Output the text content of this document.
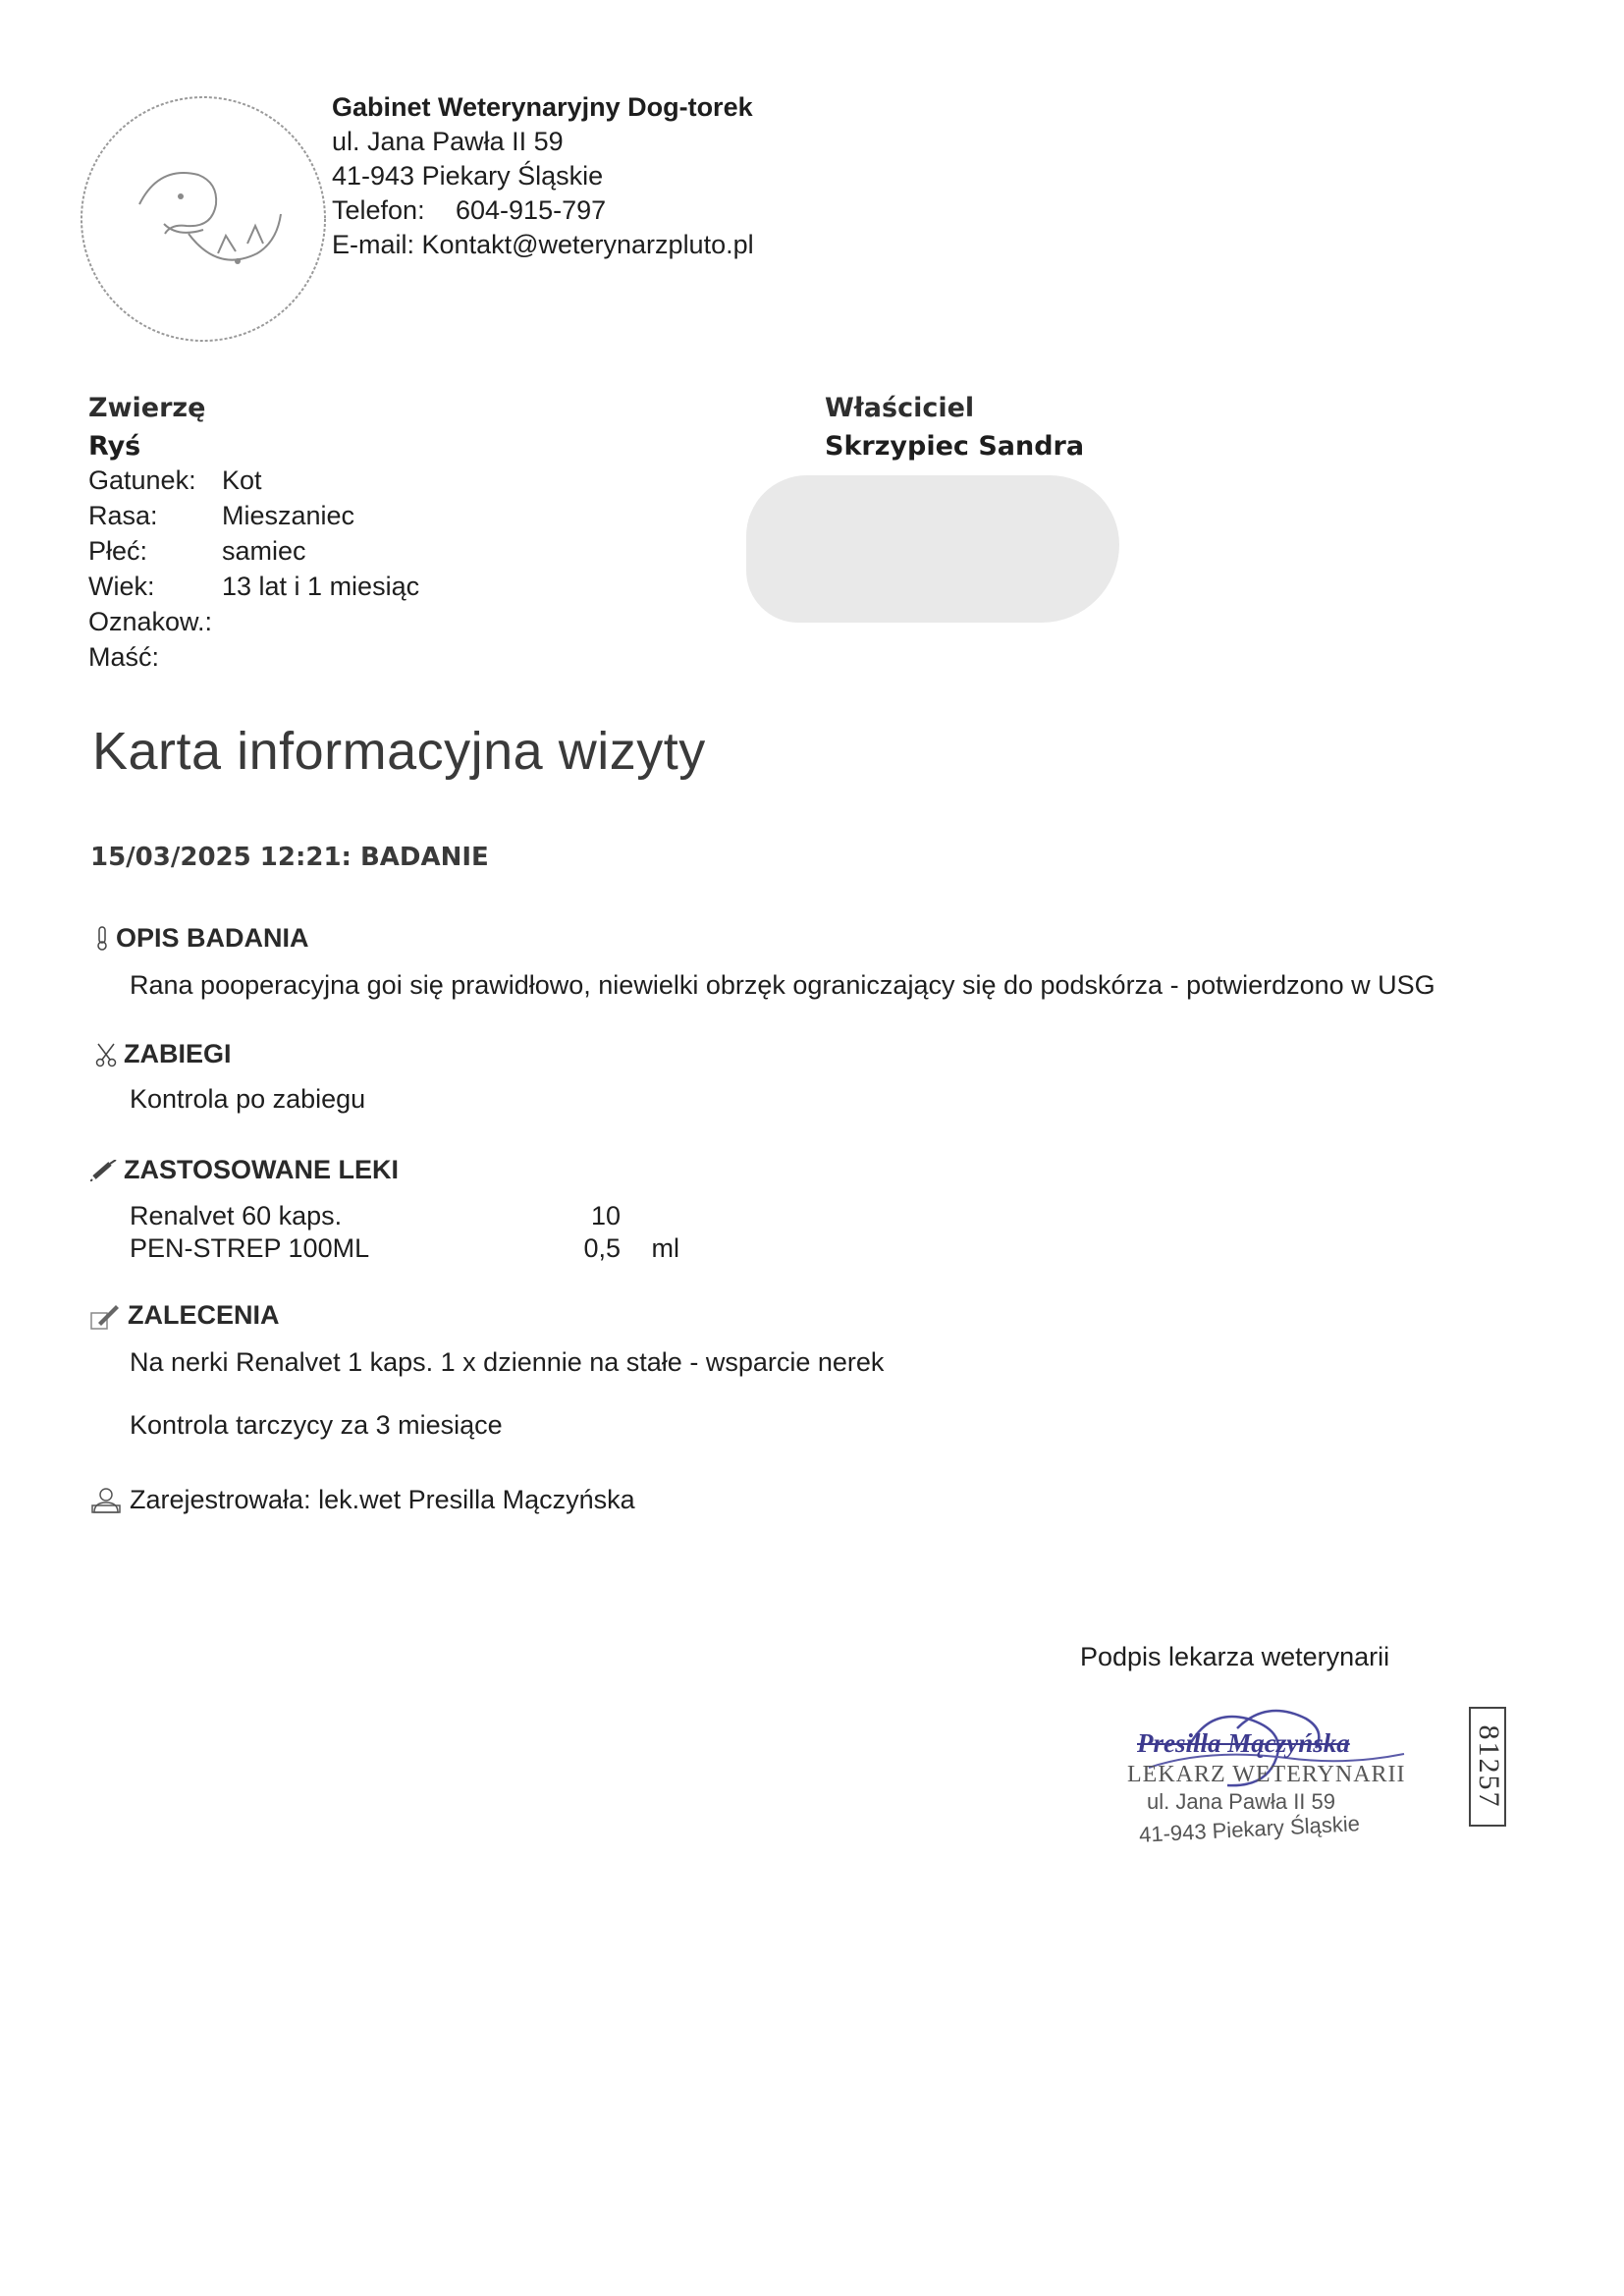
Gabinet Weterynaryjny Dog-torek
ul. Jana Pawła II 59
41-943 Piekary Śląskie
Telefon: 604-915-797
E-mail: Kontakt@weterynarzpluto.pl
Zwierzę
Ryś
Gatunek:	Kot
Rasa:	Mieszaniec
Płeć:	samiec
Wiek:	13 lat i 1 miesiąc
Oznakow.:	
Maść:	
Właściciel
Skrzypiec Sandra
Karta informacyjna wizyty
15/03/2025 12:21: BADANIE
OPIS BADANIA
Rana pooperacyjna goi się prawidłowo, niewielki obrzęk ograniczający się do podskórza - potwierdzono w USG
ZABIEGI
Kontrola po zabiegu
ZASTOSOWANE LEKI
Renalvet 60 kaps.	10	
PEN-STREP 100ML	0,5	ml
ZALECENIA
Na nerki Renalvet 1 kaps. 1 x dziennie na stałe - wsparcie nerek
Kontrola tarczycy za 3 miesiące
Zarejestrowała: lek.wet Presilla Mączyńska
Podpis lekarza weterynarii
Presilla Mączyńska
LEKARZ WETERYNARII
ul. Jana Pawła II 59
41-943 Piekary Śląskie
81257
